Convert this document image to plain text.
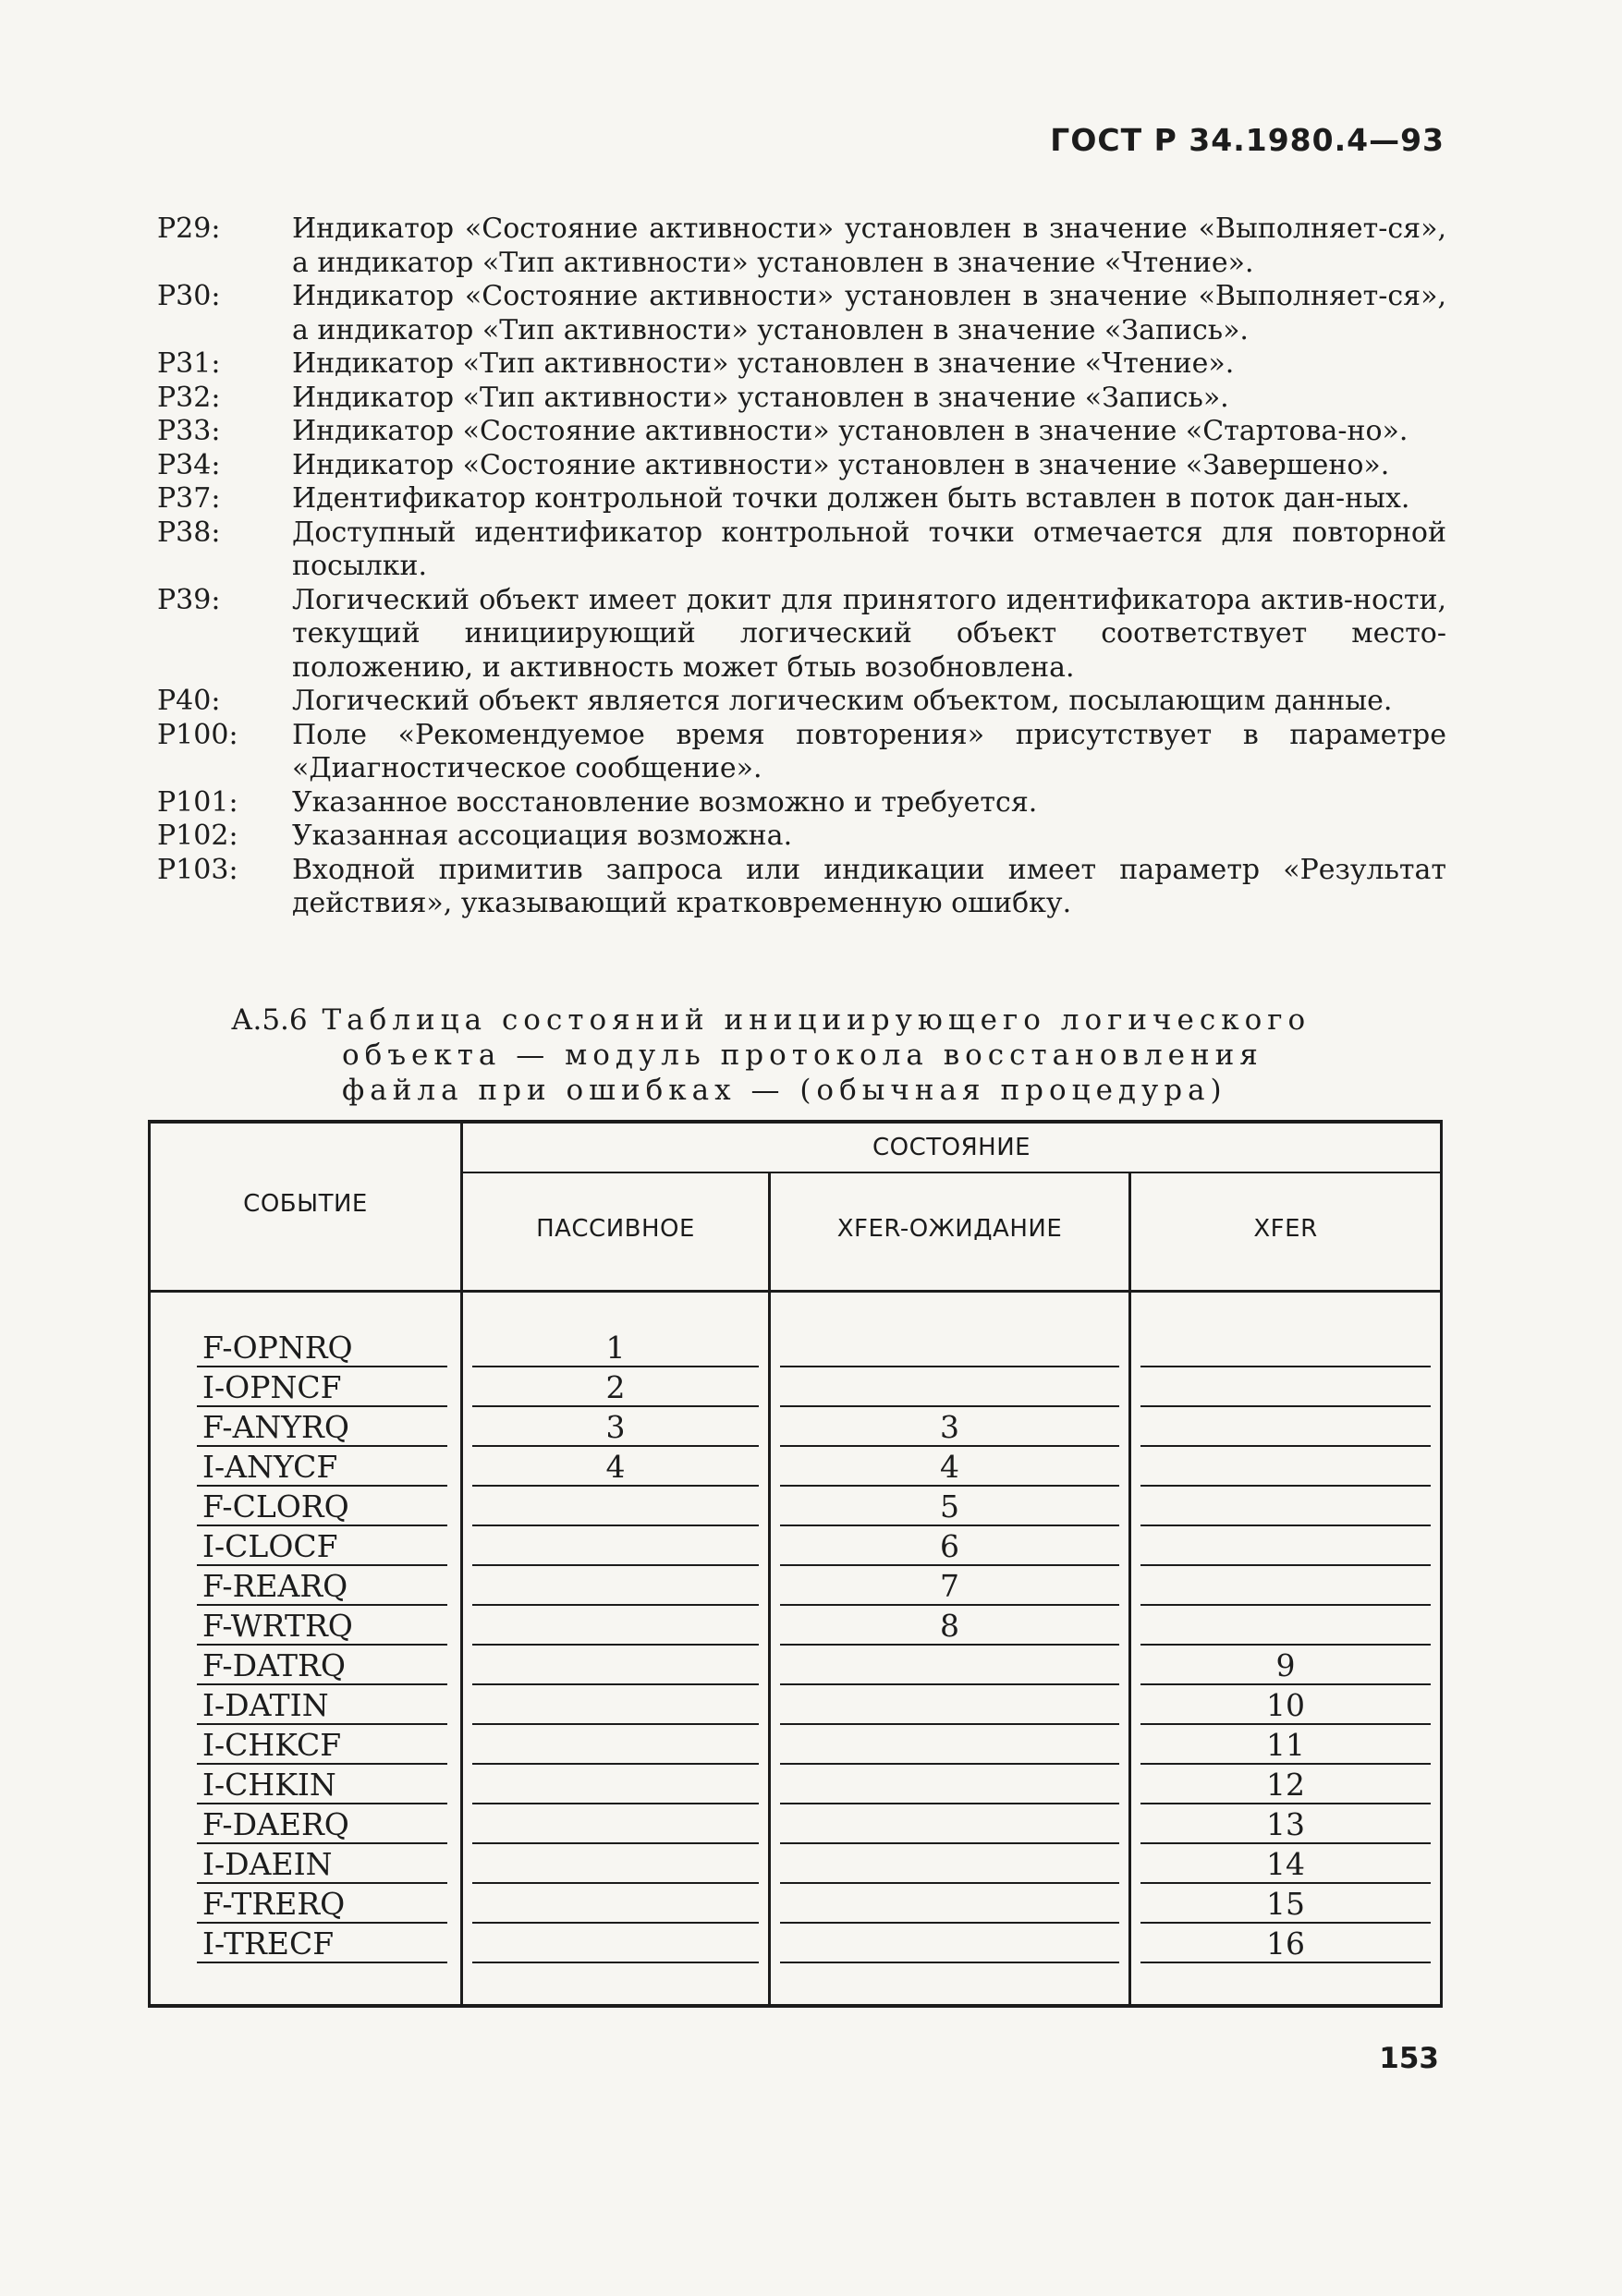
ГОСТ Р 34.1980.4—93
Р29:	Индикатор «Состояние активности» установлен в значение «Выполняет-ся», а индикатор «Тип активности» установлен в значение «Чтение».
Р30:	Индикатор «Состояние активности» установлен в значение «Выполняет-ся», а индикатор «Тип активности» установлен в значение «Запись».
Р31:	Индикатор «Тип активности» установлен в значение «Чтение».
Р32:	Индикатор «Тип активности» установлен в значение «Запись».
Р33:	Индикатор «Состояние активности» установлен в значение «Стартова-но».
Р34:	Индикатор «Состояние активности» установлен в значение «Завершено».
Р37:	Идентификатор контрольной точки должен быть вставлен в поток дан-ных.
Р38:	Доступный идентификатор контрольной точки отмечается для повторной посылки.
Р39:	Логический объект имеет докит для принятого идентификатора актив-ности, текущий инициирующий логический объект соответствует место-положению, и активность может бтыь возобновлена.
Р40:	Логический объект является логическим объектом, посылающим данные.
Р100:	Поле «Рекомендуемое время повторения» присутствует в параметре «Диагностическое сообщение».
Р101:	Указанное восстановление возможно и требуется.
Р102:	Указанная ассоциация возможна.
Р103:	Входной примитив запроса или индикации имеет параметр «Результат действия», указывающий кратковременную ошибку.
А.5.6 Таблица состояний инициирующего логического
объекта — модуль протокола восстановления
файла при ошибках — (обычная процедура)
СОБЫТИЕ	СОСТОЯНИЕ		
	ПАССИВНОЕ	XFER-ОЖИДАНИЕ	XFER

F-OPNRQ	1		

I-OPNCF	2		

F-ANYRQ	3	3	

I-ANYCF	4	4	

F-CLORQ		5	

I-CLOCF		6	

F-REARQ		7	

F-WRTRQ		8	

F-DATRQ			9

I-DATIN			10

I-CHKCF			11

I-CHKIN			12

F-DAERQ			13

I-DAEIN			14

F-TRERQ			15

I-TRECF			16

153
